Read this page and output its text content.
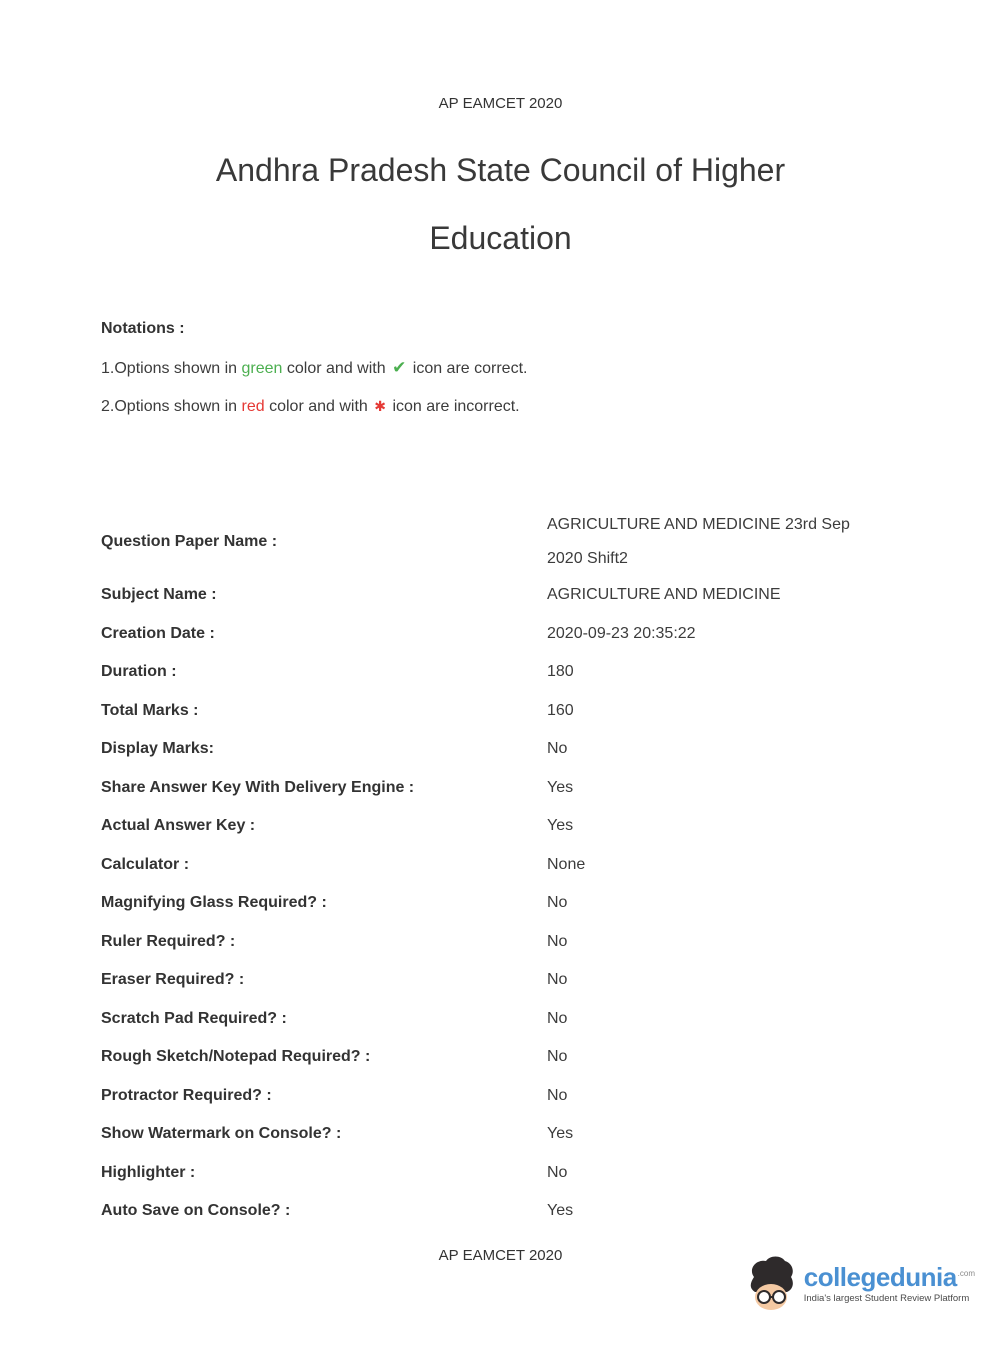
AP EAMCET 2020
Andhra Pradesh State Council of Higher
Education
Notations :
1.Options shown in green color and with ✔ icon are correct.
2.Options shown in red color and with ✱ icon are incorrect.
Question Paper Name :
AGRICULTURE AND MEDICINE 23rd Sep 2020 Shift2
Subject Name :	AGRICULTURE AND MEDICINE
Creation Date :	2020-09-23 20:35:22
Duration :	180
Total Marks :	160
Display Marks:	No
Share Answer Key With Delivery Engine :	Yes
Actual Answer Key :	Yes
Calculator :	None
Magnifying Glass Required? :	No
Ruler Required? :	No
Eraser Required? :	No
Scratch Pad Required? :	No
Rough Sketch/Notepad Required? :	No
Protractor Required? :	No
Show Watermark on Console? :	Yes
Highlighter :	No
Auto Save on Console? :	Yes
AP EAMCET 2020
collegedunia$^{.com}$
India's largest Student Review Platform
